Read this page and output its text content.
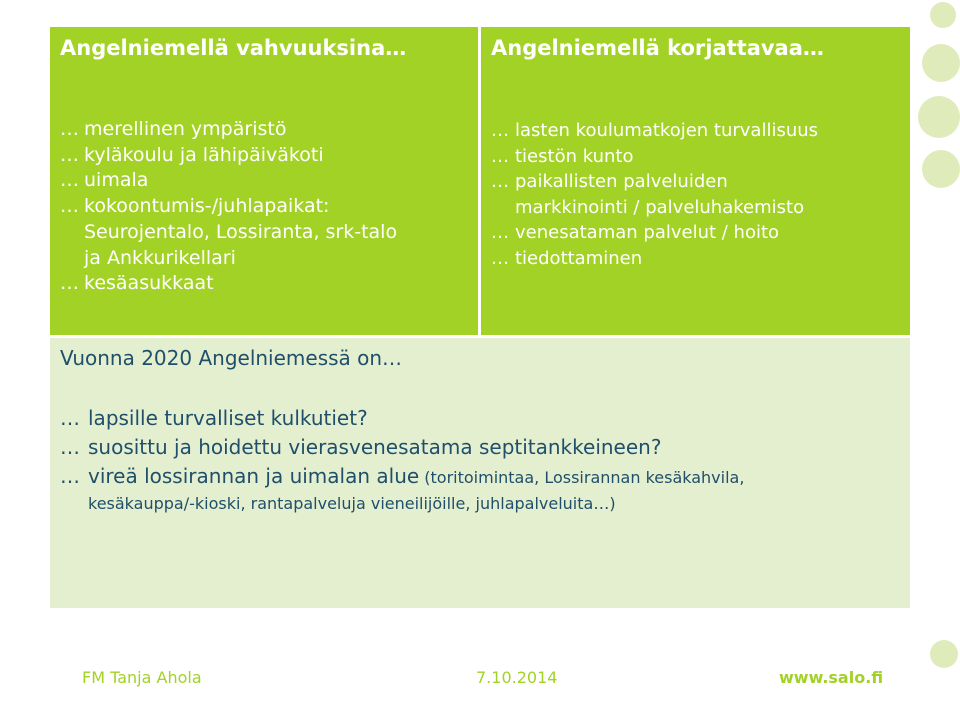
Angelniemellä vahvuuksina…
… merellinen ympäristö
… kyläkoulu ja lähipäiväkoti
… uimala
… kokoontumis-/juhlapaikat:
Seurojentalo, Lossiranta, srk-talo
ja Ankkurikellari
… kesäasukkaat
Angelniemellä korjattavaa…
… lasten koulumatkojen turvallisuus
… tiestön kunto
… paikallisten palveluiden
markkinointi / palveluhakemisto
… venesataman palvelut / hoito
… tiedottaminen
Vuonna 2020 Angelniemessä on…
… lapsille turvalliset kulkutiet?
… suosittu ja hoidettu vierasvenesatama septitankkeineen?
… vireä lossirannan ja uimalan alue (toritoimintaa, Lossirannan kesäkahvila,
kesäkauppa/-kioski, rantapalveluja vieneilijöille, juhlapalveluita…)
FM Tanja Ahola	7.10.2014	www.salo.fi
